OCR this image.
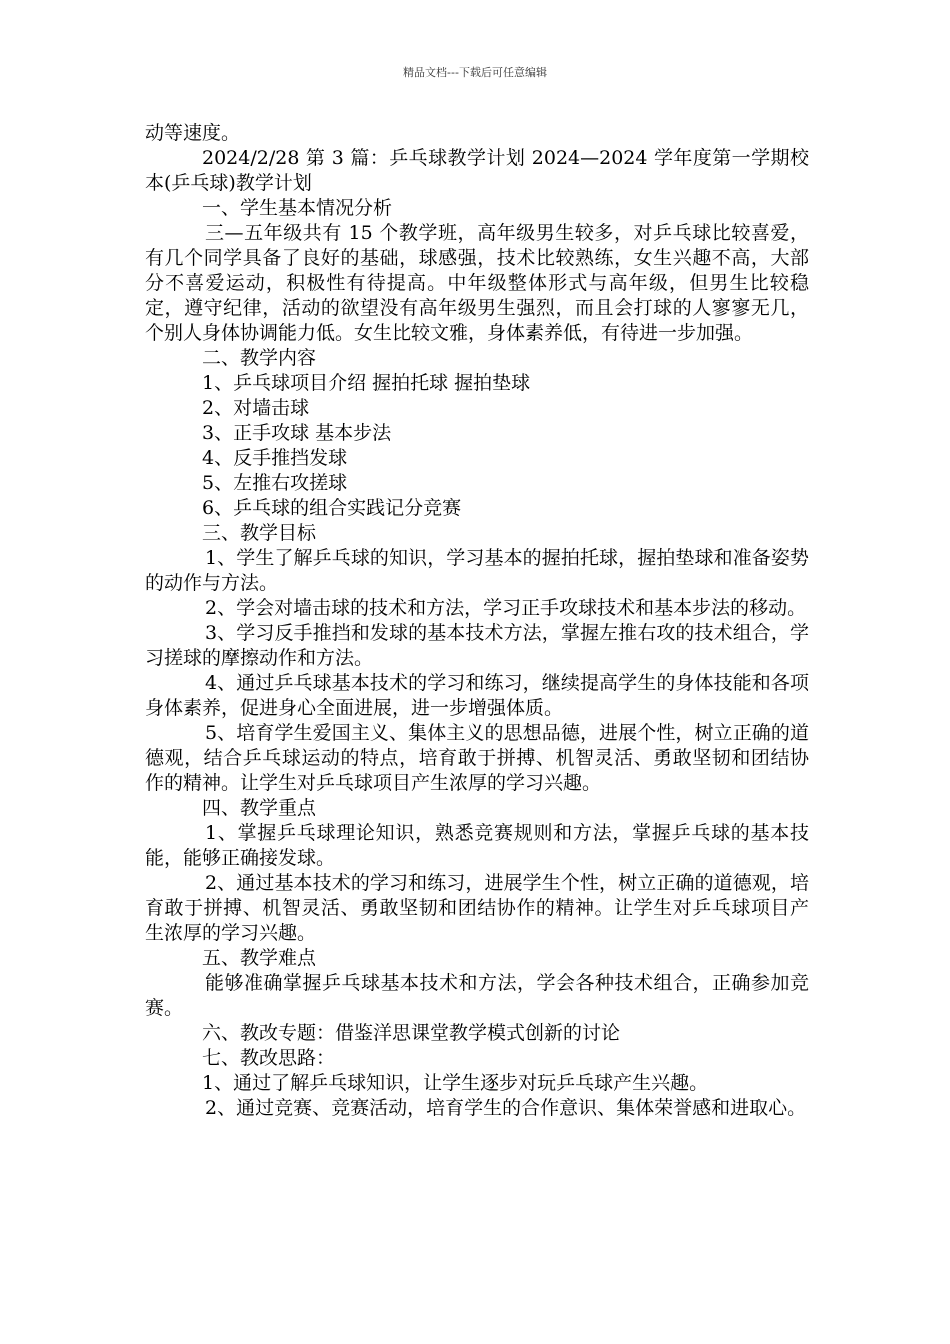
精品文档---下载后可任意编辑

动等速度。

2024/2/28 第 3 篇：乒乓球教学计划 2024—2024 学年度第一学期校本(乒乓球)教学计划

一、学生基本情况分析

三—五年级共有 15 个教学班，高年级男生较多，对乒乓球比较喜爱，有几个同学具备了良好的基础，球感强，技术比较熟练，女生兴趣不高，大部分不喜爱运动，积极性有待提高。中年级整体形式与高年级，但男生比较稳定，遵守纪律，活动的欲望没有高年级男生强烈，而且会打球的人寥寥无几，个别人身体协调能力低。女生比较文雅，身体素养低，有待进一步加强。

二、教学内容

1、乒乓球项目介绍 握拍托球 握拍垫球

2、对墙击球

3、正手攻球 基本步法

4、反手推挡发球

5、左推右攻搓球

6、乒乓球的组合实践记分竞赛

三、教学目标

1、学生了解乒乓球的知识，学习基本的握拍托球，握拍垫球和准备姿势的动作与方法。

2、学会对墙击球的技术和方法，学习正手攻球技术和基本步法的移动。

3、学习反手推挡和发球的基本技术方法，掌握左推右攻的技术组合，学习搓球的摩擦动作和方法。

4、通过乒乓球基本技术的学习和练习，继续提高学生的身体技能和各项身体素养，促进身心全面进展，进一步增强体质。

5、培育学生爱国主义、集体主义的思想品德，进展个性，树立正确的道德观，结合乒乓球运动的特点，培育敢于拼搏、机智灵活、勇敢坚韧和团结协作的精神。让学生对乒乓球项目产生浓厚的学习兴趣。

四、教学重点

1、掌握乒乓球理论知识，熟悉竞赛规则和方法，掌握乒乓球的基本技能，能够正确接发球。

2、通过基本技术的学习和练习，进展学生个性，树立正确的道德观，培育敢于拼搏、机智灵活、勇敢坚韧和团结协作的精神。让学生对乒乓球项目产生浓厚的学习兴趣。

五、教学难点

能够准确掌握乒乓球基本技术和方法，学会各种技术组合，正确参加竞赛。

六、教改专题：借鉴洋思课堂教学模式创新的讨论

七、教改思路：

1、通过了解乒乓球知识，让学生逐步对玩乒乓球产生兴趣。

2、通过竞赛、竞赛活动，培育学生的合作意识、集体荣誉感和进取心。
